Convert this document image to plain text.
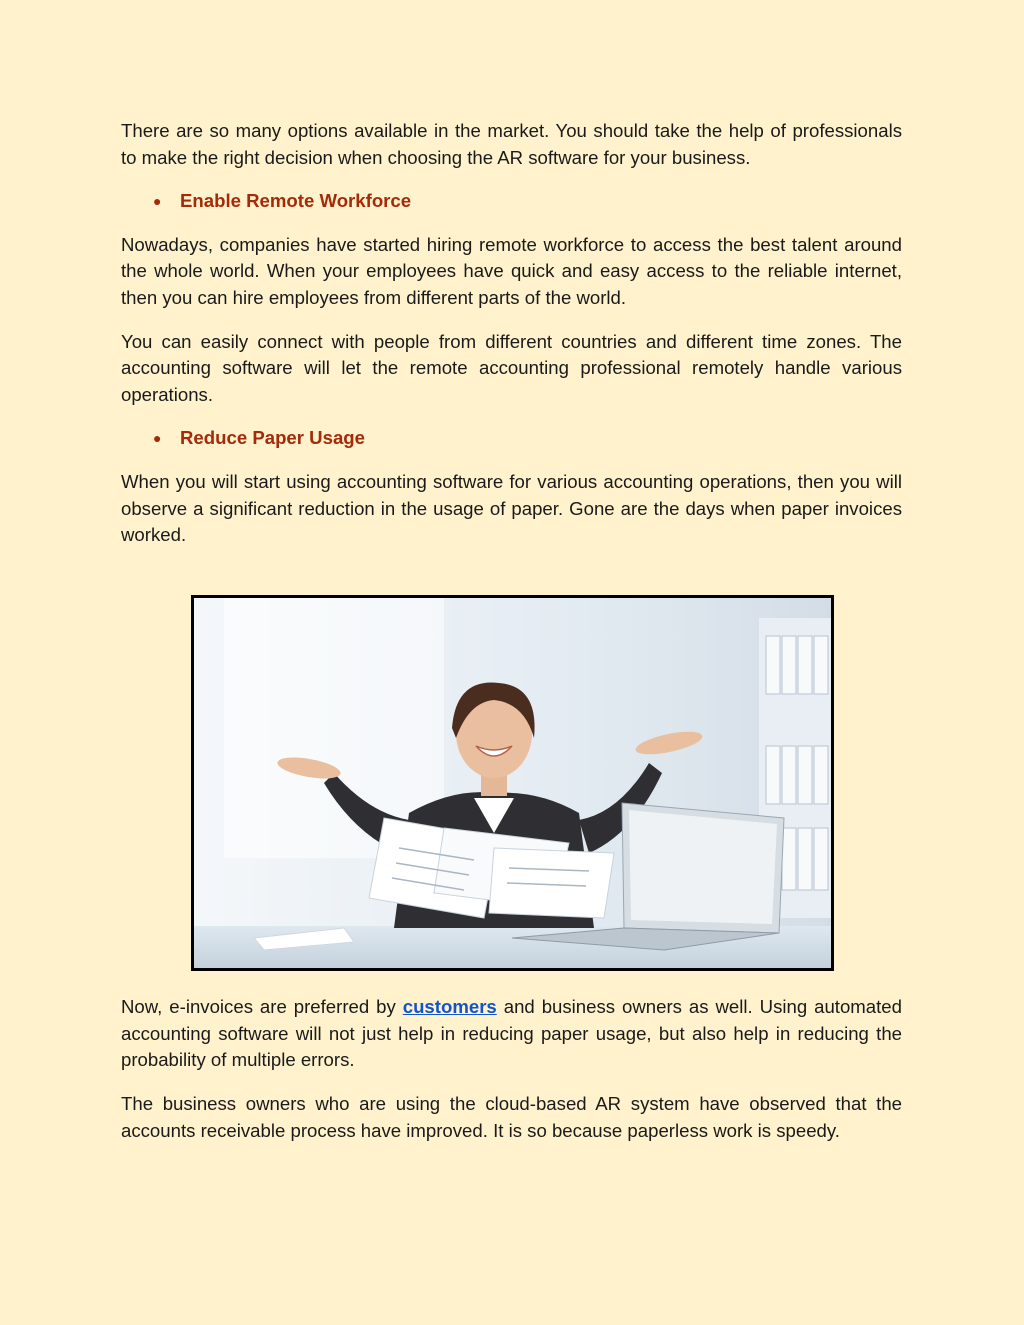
There are so many options available in the market. You should take the help of professionals to make the right decision when choosing the AR software for your business.

● Enable Remote Workforce

Nowadays, companies have started hiring remote workforce to access the best talent around the whole world. When your employees have quick and easy access to the reliable internet, then you can hire employees from different parts of the world.

You can easily connect with people from different countries and different time zones. The accounting software will let the remote accounting professional remotely handle various operations.

● Reduce Paper Usage

When you will start using accounting software for various accounting operations, then you will observe a significant reduction in the usage of paper. Gone are the days when paper invoices worked.

Now, e-invoices are preferred by customers and business owners as well. Using automated accounting software will not just help in reducing paper usage, but also help in reducing the probability of multiple errors.

The business owners who are using the cloud-based AR system have observed that the accounts receivable process have improved. It is so because paperless work is speedy.
